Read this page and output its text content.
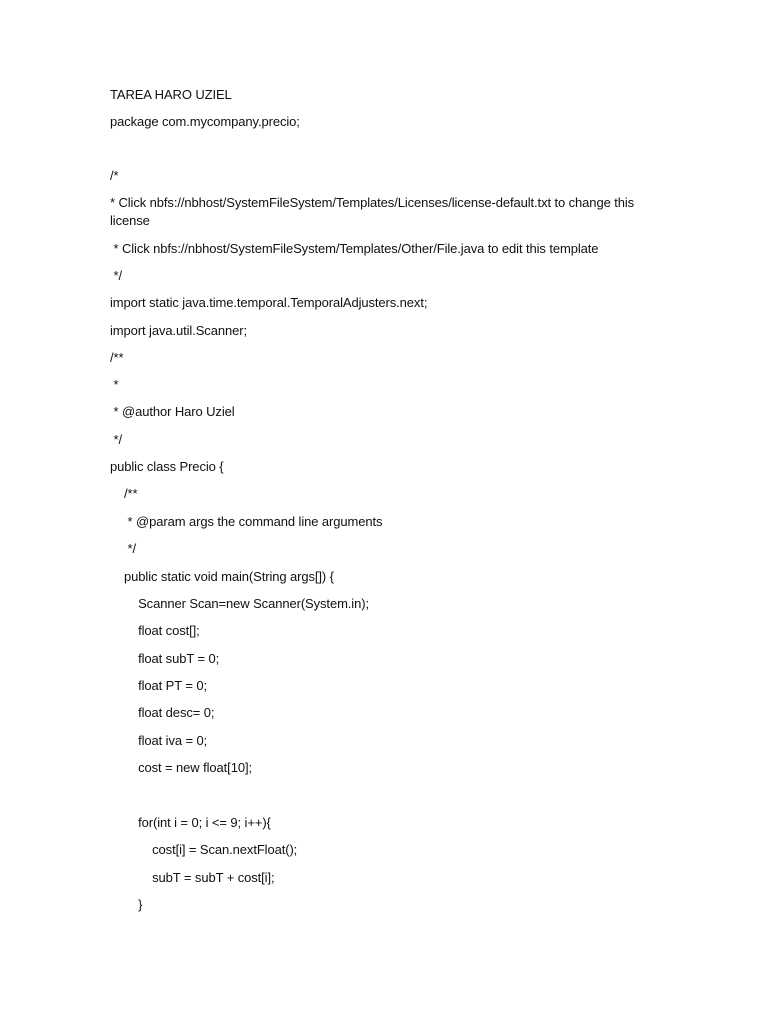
TAREA HARO UZIEL
package com.mycompany.precio;
/*
* Click nbfs://nbhost/SystemFileSystem/Templates/Licenses/license-default.txt to change this license
* Click nbfs://nbhost/SystemFileSystem/Templates/Other/File.java to edit this template
*/
import static java.time.temporal.TemporalAdjusters.next;
import java.util.Scanner;
/**
*
* @author Haro Uziel
*/
public class Precio {
/**
* @param args the command line arguments
*/
public static void main(String args[]) {
Scanner Scan=new Scanner(System.in);
float cost[];
float subT = 0;
float PT = 0;
float desc= 0;
float iva = 0;
cost = new float[10];
for(int i = 0; i <= 9; i++){
cost[i] = Scan.nextFloat();
subT = subT + cost[i];
}
